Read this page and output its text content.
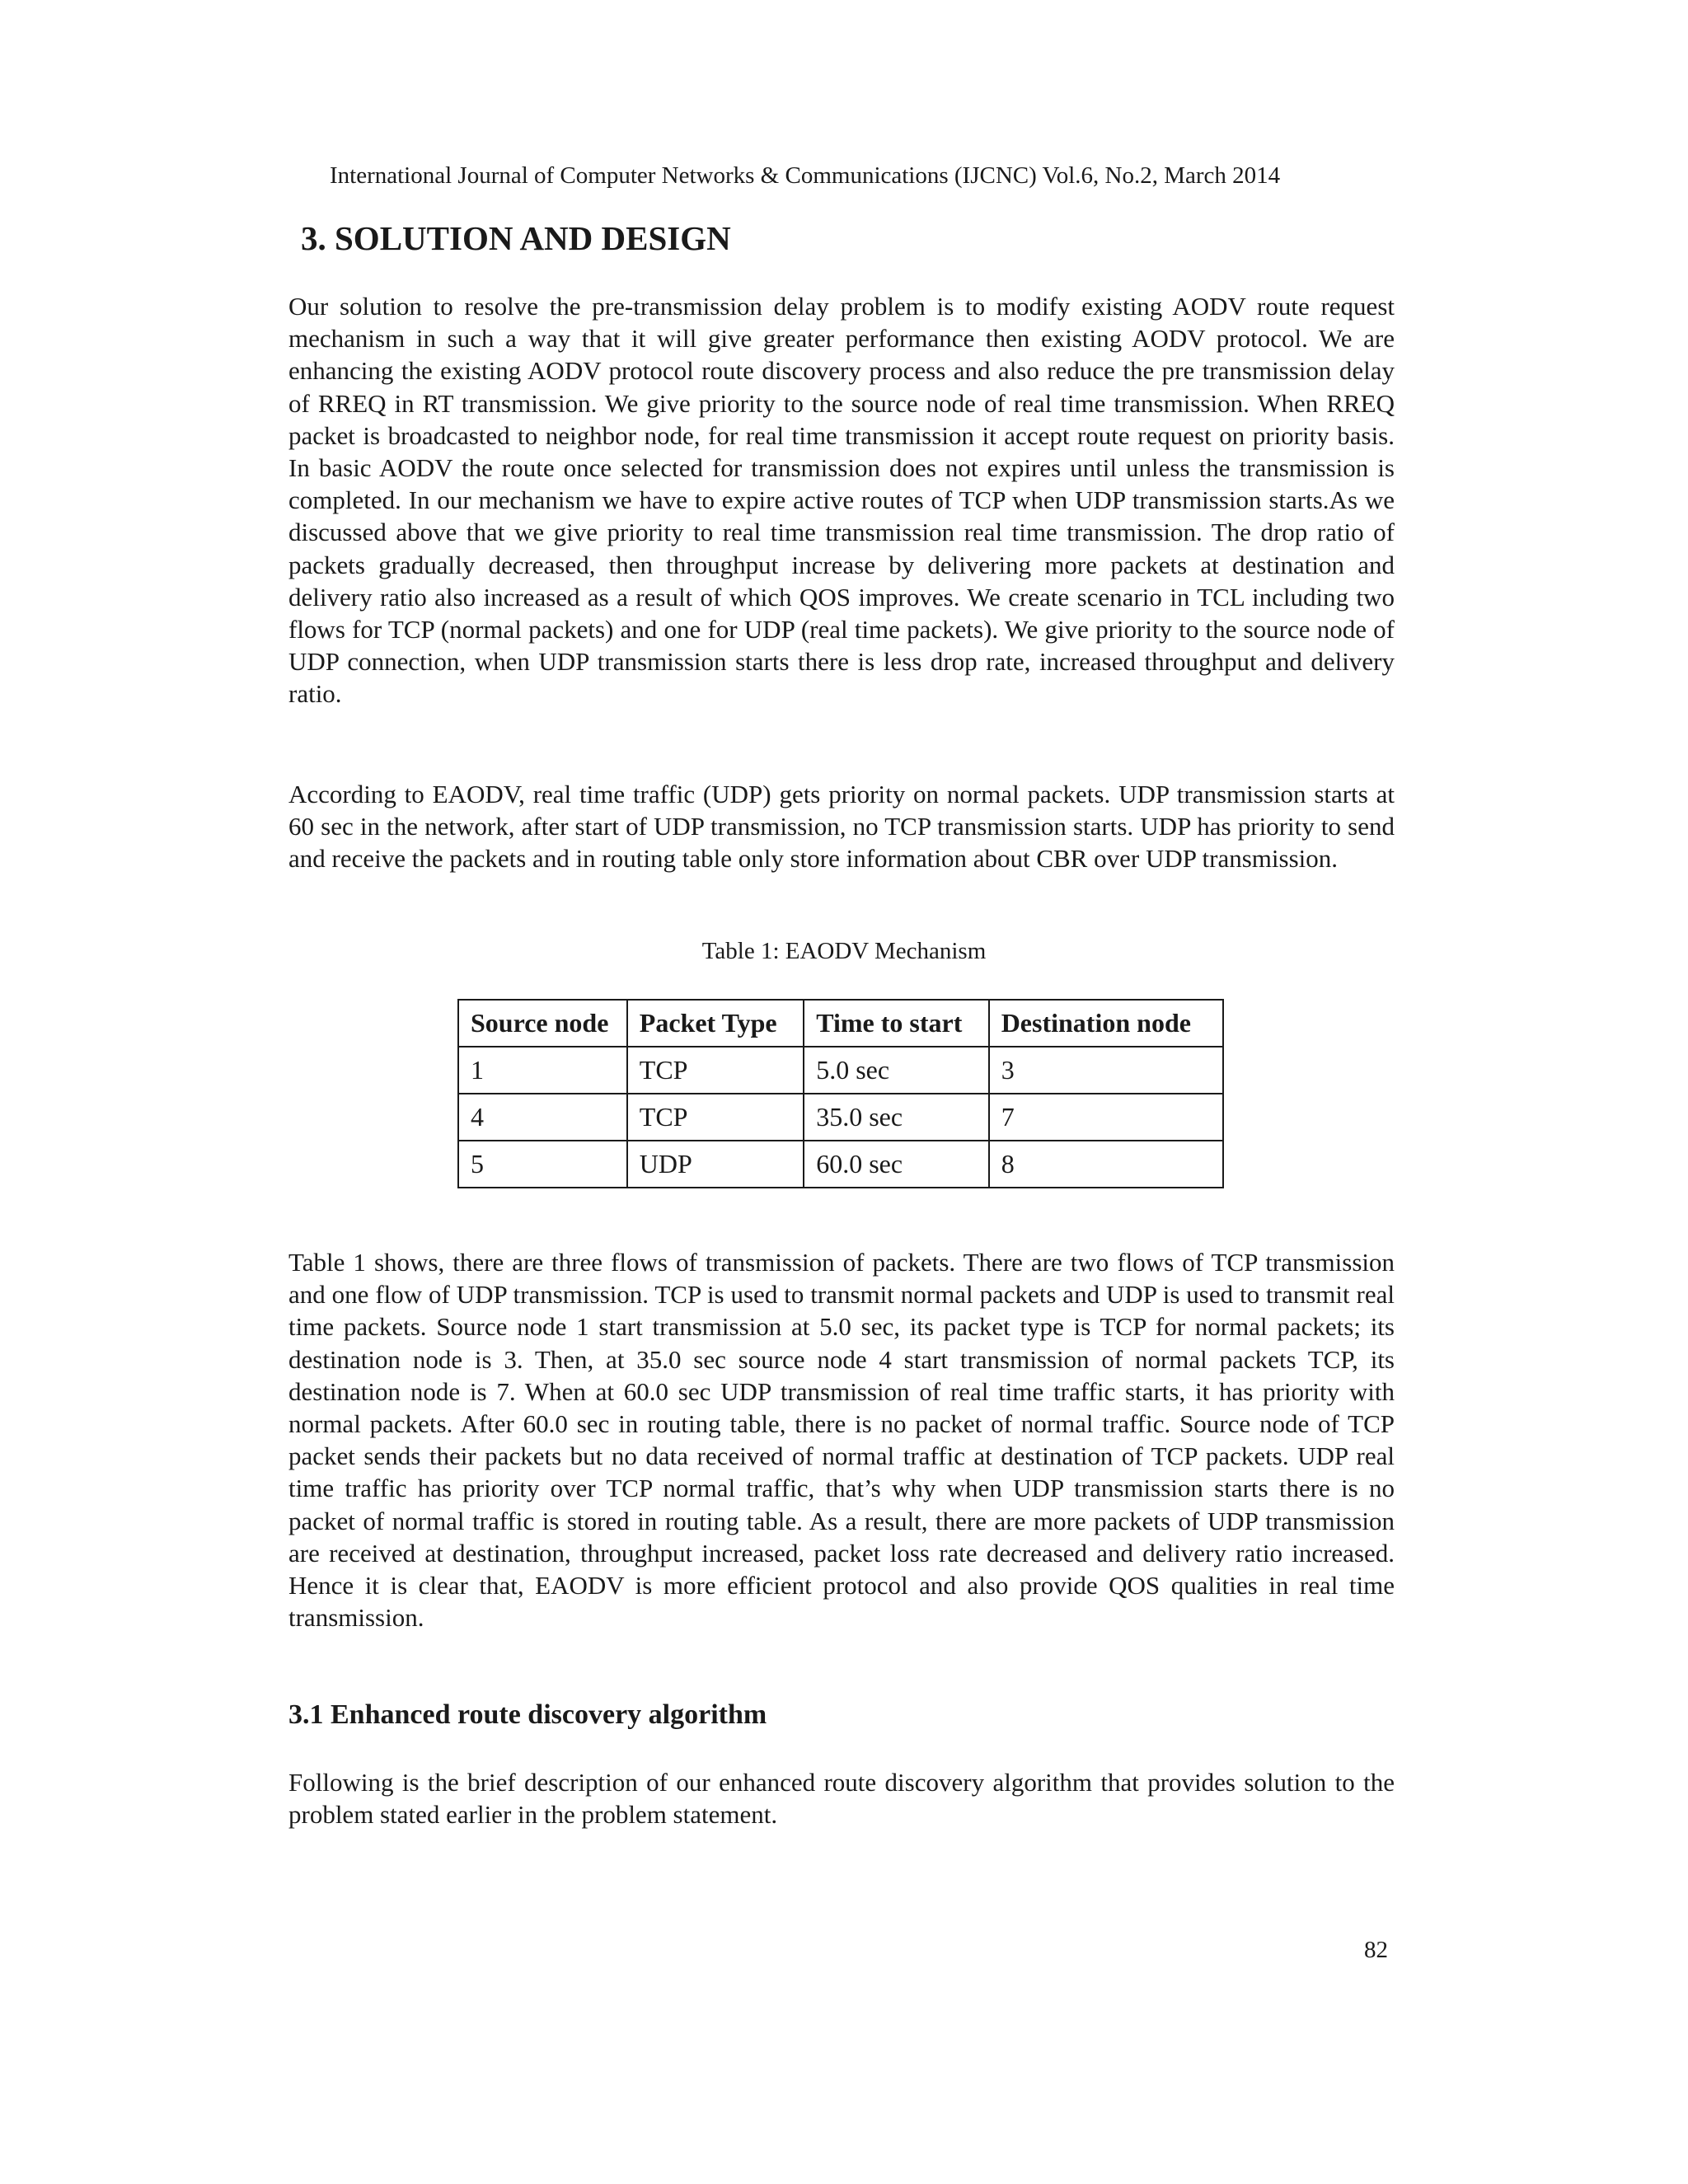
International Journal of Computer Networks & Communications (IJCNC) Vol.6, No.2, March 2014
3. SOLUTION AND DESIGN

Our solution to resolve the pre-transmission delay problem is to modify existing AODV route request mechanism in such a way that it will give greater performance then existing AODV protocol. We are enhancing the existing AODV protocol route discovery process and also reduce the pre transmission delay of RREQ in RT transmission. We give priority to the source node of real time transmission. When RREQ packet is broadcasted to neighbor node, for real time transmission it accept route request on priority basis. In basic AODV the route once selected for transmission does not expires until unless the transmission is completed. In our mechanism we have to expire active routes of TCP when UDP transmission starts.As we discussed above that we give priority to real time transmission real time transmission. The drop ratio of packets gradually decreased, then throughput increase by delivering more packets at destination and delivery ratio also increased as a result of which QOS improves. We create scenario in TCL including two flows for TCP (normal packets) and one for UDP (real time packets). We give priority to the source node of UDP connection, when UDP transmission starts there is less drop rate, increased throughput and delivery ratio.

According to EAODV, real time traffic (UDP) gets priority on normal packets. UDP transmission starts at 60 sec in the network, after start of UDP transmission, no TCP transmission starts. UDP has priority to send and receive the packets and in routing table only store information about CBR over UDP transmission.

Table 1: EAODV Mechanism
Source node	Packet Type	Time to start	Destination node
1	TCP	5.0 sec	3
4	TCP	35.0 sec	7
5	UDP	60.0 sec	8

Table 1 shows, there are three flows of transmission of packets. There are two flows of TCP transmission and one flow of UDP transmission. TCP is used to transmit normal packets and UDP is used to transmit real time packets. Source node 1 start transmission at 5.0 sec, its packet type is TCP for normal packets; its destination node is 3. Then, at 35.0 sec source node 4 start transmission of normal packets TCP, its destination node is 7. When at 60.0 sec UDP transmission of real time traffic starts, it has priority with normal packets. After 60.0 sec in routing table, there is no packet of normal traffic. Source node of TCP packet sends their packets but no data received of normal traffic at destination of TCP packets. UDP real time traffic has priority over TCP normal traffic, that’s why when UDP transmission starts there is no packet of normal traffic is stored in routing table. As a result, there are more packets of UDP transmission are received at destination, throughput increased, packet loss rate decreased and delivery ratio increased. Hence it is clear that, EAODV is more efficient protocol and also provide QOS qualities in real time transmission.

3.1 Enhanced route discovery algorithm

Following is the brief description of our enhanced route discovery algorithm that provides solution to the problem stated earlier in the problem statement.

82
